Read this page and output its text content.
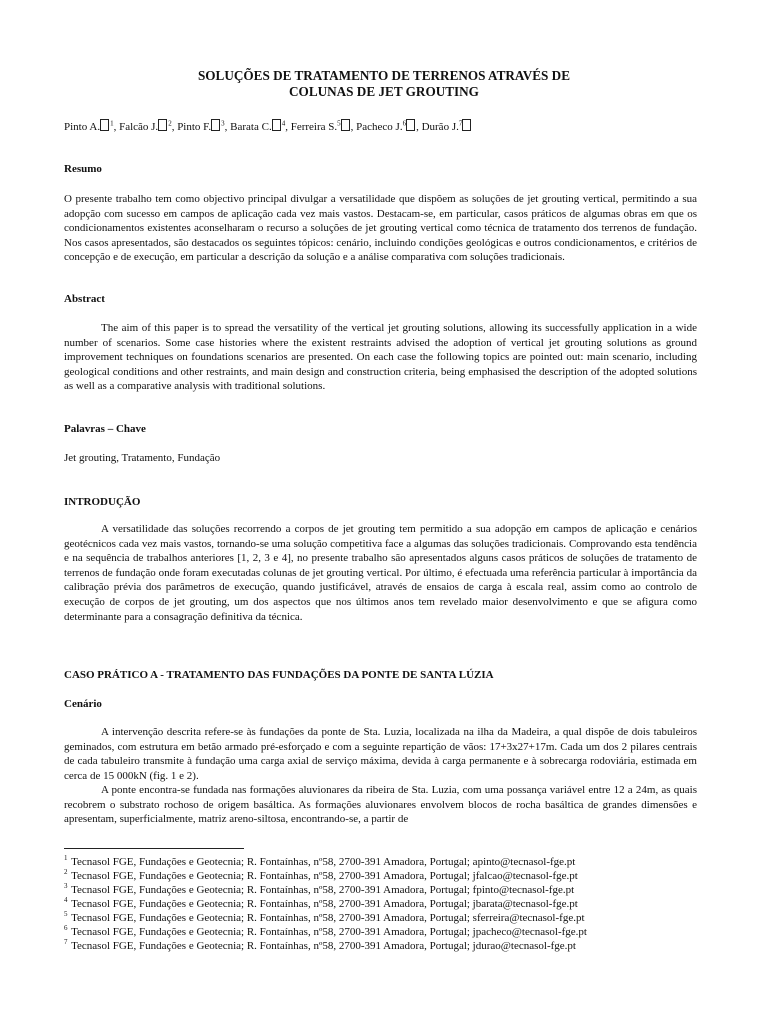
SOLUÇÕES DE TRATAMENTO DE TERRENOS ATRAVÉS DE
COLUNAS DE JET GROUTING
Pinto A. $^1$, Falcão J. $^2$, Pinto F. $^3$, Barata C. $^4$, Ferreira S.$^5$ , Pacheco J.$^6$ , Durão J.$^7$
Resumo
O presente trabalho tem como objectivo principal divulgar a versatilidade que dispõem as soluções de jet grouting vertical, permitindo a sua adopção com sucesso em campos de aplicação cada vez mais vastos. Destacam-se, em particular, casos práticos de algumas obras em que os condicionamentos existentes aconselharam o recurso a soluções de jet grouting vertical como técnica de tratamento dos terrenos de fundação. Nos casos apresentados, são destacados os seguintes tópicos: cenário, incluindo condições geológicas e outros condicionamentos, e critérios de concepção e de execução, em particular a descrição da solução e a análise comparativa com soluções tradicionais.
Abstract
The aim of this paper is to spread the versatility of the vertical jet grouting solutions, allowing its successfully application in a wide number of scenarios. Some case histories where the existent restraints advised the adoption of vertical jet grouting solutions as ground improvement techniques on foundations scenarios are presented. On each case the following topics are pointed out: main scenario, including geological conditions and other restraints, and main design and construction criteria, being emphasised the description of the adopted solutions as well as a comparative analysis with traditional solutions.
Palavras – Chave
Jet grouting, Tratamento, Fundação
INTRODUÇÃO
A versatilidade das soluções recorrendo a corpos de jet grouting tem permitido a sua adopção em campos de aplicação e cenários geotécnicos cada vez mais vastos, tornando-se uma solução competitiva face a algumas das soluções tradicionais. Comprovando esta tendência e na sequência de trabalhos anteriores [1, 2, 3 e 4], no presente trabalho são apresentados alguns casos práticos de soluções de tratamento de terrenos de fundação onde foram executadas colunas de jet grouting vertical. Por último, é efectuada uma referência particular à importância da calibração prévia dos parâmetros de execução, quando justificável, através de ensaios de carga à escala real, assim como ao controlo de execução de corpos de jet grouting, um dos aspectos que nos últimos anos tem revelado maior desenvolvimento e que se afigura como determinante para a consagração definitiva da técnica.
CASO PRÁTICO A - TRATAMENTO DAS FUNDAÇÕES DA PONTE DE SANTA LÚZIA
Cenário
A intervenção descrita refere-se às fundações da ponte de Sta. Luzia, localizada na ilha da Madeira, a qual dispõe de dois tabuleiros geminados, com estrutura em betão armado pré-esforçado e com a seguinte repartição de vãos: 17+3x27+17m. Cada um dos 2 pilares centrais de cada tabuleiro transmite à fundação uma carga axial de serviço máxima, devida à carga permanente e à sobrecarga rodoviária, estimada em cerca de 15 000kN (fig. 1 e 2).
A ponte encontra-se fundada nas formações aluvionares da ribeira de Sta. Luzia, com uma possança variável entre 12 a 24m, as quais recobrem o substrato rochoso de origem basáltica. As formações aluvionares envolvem blocos de rocha basáltica de grandes dimensões e apresentam, superficialmente, matriz areno-siltosa, encontrando-se, a partir de
$^1$ Tecnasol FGE, Fundações e Geotecnia; R. Fontaínhas, nº58, 2700-391 Amadora, Portugal; apinto@tecnasol-fge.pt
$^2$ Tecnasol FGE, Fundações e Geotecnia; R. Fontaínhas, nº58, 2700-391 Amadora, Portugal; jfalcao@tecnasol-fge.pt
$^3$ Tecnasol FGE, Fundações e Geotecnia; R. Fontaínhas, nº58, 2700-391 Amadora, Portugal; fpinto@tecnasol-fge.pt
$^4$ Tecnasol FGE, Fundações e Geotecnia; R. Fontaínhas, nº58, 2700-391 Amadora, Portugal; jbarata@tecnasol-fge.pt
$^5$ Tecnasol FGE, Fundações e Geotecnia; R. Fontaínhas, nº58, 2700-391 Amadora, Portugal; sferreira@tecnasol-fge.pt
$^6$ Tecnasol FGE, Fundações e Geotecnia; R. Fontaínhas, nº58, 2700-391 Amadora, Portugal; jpacheco@tecnasol-fge.pt
$^7$ Tecnasol FGE, Fundações e Geotecnia; R. Fontaínhas, nº58, 2700-391 Amadora, Portugal; jdurao@tecnasol-fge.pt
